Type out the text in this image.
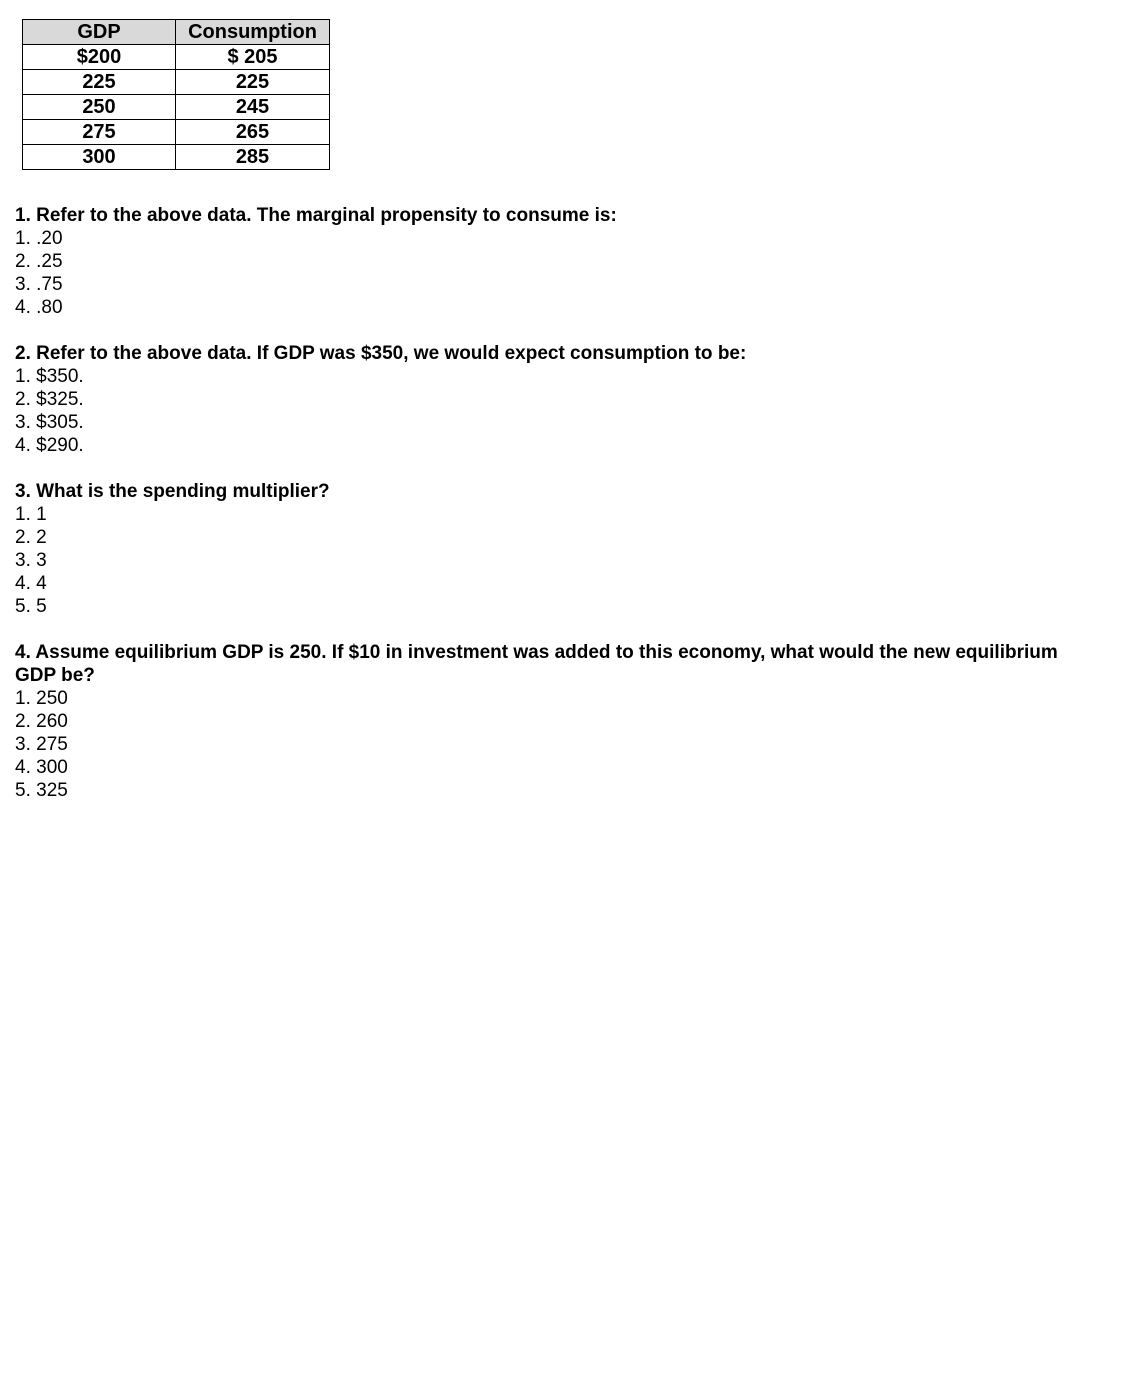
GDP	Consumption
$200	$ 205
225	225
250	245
275	265
300	285

1. Refer to the above data. The marginal propensity to consume is:

1. .20

2. .25

3. .75

4. .80

2. Refer to the above data. If GDP was $350, we would expect consumption to be:

1. $350.

2. $325.

3. $305.

4. $290.

3. What is the spending multiplier?

1. 1

2. 2

3. 3

4. 4

5. 5

4. Assume equilibrium GDP is 250. If $10 in investment was added to this economy, what would the new equilibrium GDP be?

1. 250

2. 260

3. 275

4. 300

5. 325
